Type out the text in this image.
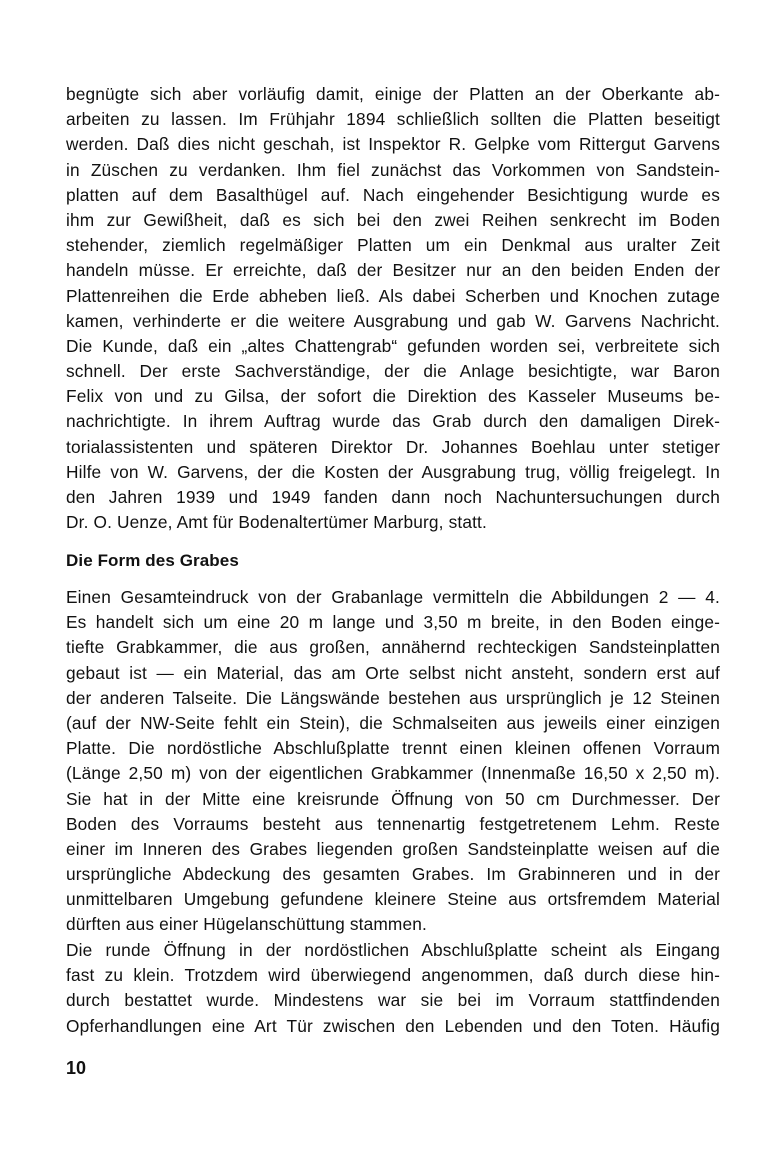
begnügte sich aber vorläufig damit, einige der Platten an der Oberkante ab-
arbeiten zu lassen. Im Frühjahr 1894 schließlich sollten die Platten beseitigt
werden. Daß dies nicht geschah, ist Inspektor R. Gelpke vom Rittergut Garvens
in Züschen zu verdanken. Ihm fiel zunächst das Vorkommen von Sandstein-
platten auf dem Basalthügel auf. Nach eingehender Besichtigung wurde es
ihm zur Gewißheit, daß es sich bei den zwei Reihen senkrecht im Boden
stehender, ziemlich regelmäßiger Platten um ein Denkmal aus uralter Zeit
handeln müsse. Er erreichte, daß der Besitzer nur an den beiden Enden der
Plattenreihen die Erde abheben ließ. Als dabei Scherben und Knochen zutage
kamen, verhinderte er die weitere Ausgrabung und gab W. Garvens Nachricht.
Die Kunde, daß ein „altes Chattengrab“ gefunden worden sei, verbreitete sich
schnell. Der erste Sachverständige, der die Anlage besichtigte, war Baron
Felix von und zu Gilsa, der sofort die Direktion des Kasseler Museums be-
nachrichtigte. In ihrem Auftrag wurde das Grab durch den damaligen Direk-
torialassistenten und späteren Direktor Dr. Johannes Boehlau unter stetiger
Hilfe von W. Garvens, der die Kosten der Ausgrabung trug, völlig freigelegt. In
den Jahren 1939 und 1949 fanden dann noch Nachuntersuchungen durch
Dr. O. Uenze, Amt für Bodenaltertümer Marburg, statt.
Die Form des Grabes
Einen Gesamteindruck von der Grabanlage vermitteln die Abbildungen 2 — 4.
Es handelt sich um eine 20 m lange und 3,50 m breite, in den Boden einge-
tiefte Grabkammer, die aus großen, annähernd rechteckigen Sandsteinplatten
gebaut ist — ein Material, das am Orte selbst nicht ansteht, sondern erst auf
der anderen Talseite. Die Längswände bestehen aus ursprünglich je 12 Steinen
(auf der NW-Seite fehlt ein Stein), die Schmalseiten aus jeweils einer einzigen
Platte. Die nordöstliche Abschlußplatte trennt einen kleinen offenen Vorraum
(Länge 2,50 m) von der eigentlichen Grabkammer (Innenmaße 16,50 x 2,50 m).
Sie hat in der Mitte eine kreisrunde Öffnung von 50 cm Durchmesser. Der
Boden des Vorraums besteht aus tennenartig festgetretenem Lehm. Reste
einer im Inneren des Grabes liegenden großen Sandsteinplatte weisen auf die
ursprüngliche Abdeckung des gesamten Grabes. Im Grabinneren und in der
unmittelbaren Umgebung gefundene kleinere Steine aus ortsfremdem Material
dürften aus einer Hügelanschüttung stammen.
Die runde Öffnung in der nordöstlichen Abschlußplatte scheint als Eingang
fast zu klein. Trotzdem wird überwiegend angenommen, daß durch diese hin-
durch bestattet wurde. Mindestens war sie bei im Vorraum stattfindenden
Opferhandlungen eine Art Tür zwischen den Lebenden und den Toten. Häufig
10
